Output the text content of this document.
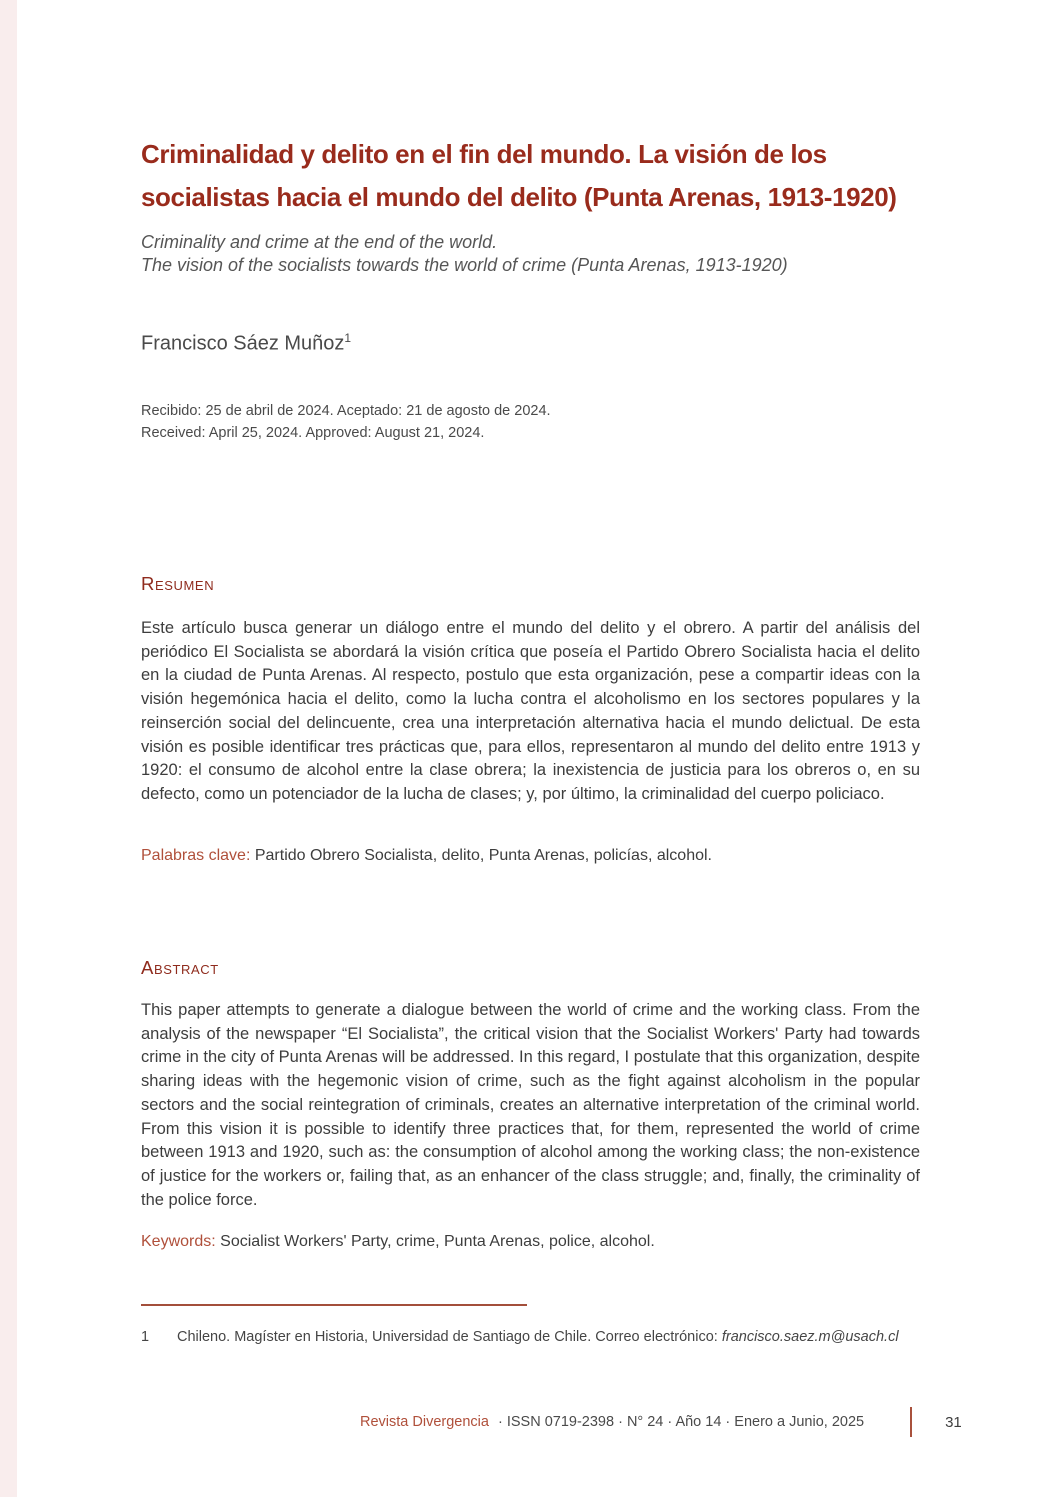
Criminalidad y delito en el fin del mundo. La visión de los
socialistas hacia el mundo del delito (Punta Arenas, 1913-1920)
Criminality and crime at the end of the world.
The vision of the socialists towards the world of crime (Punta Arenas, 1913-1920)
Francisco Sáez Muñoz$^1$
Recibido: 25 de abril de 2024. Aceptado: 21 de agosto de 2024.
Received: April 25, 2024. Approved: August 21, 2024.
Resumen

Este artículo busca generar un diálogo entre el mundo del delito y el obrero. A partir del análisis del periódico El Socialista se abordará la visión crítica que poseía el Partido Obrero Socialista hacia el delito en la ciudad de Punta Arenas. Al respecto, postulo que esta organización, pese a compartir ideas con la visión hegemónica hacia el delito, como la lucha contra el alcoholismo en los sectores populares y la reinserción social del delincuente, crea una interpretación alternativa hacia el mundo delictual. De esta visión es posible identificar tres prácticas que, para ellos, representaron al mundo del delito entre 1913 y 1920: el consumo de alcohol entre la clase obrera; la inexistencia de justicia para los obreros o, en su defecto, como un potenciador de la lucha de clases; y, por último, la criminalidad del cuerpo policiaco.

Palabras clave: Partido Obrero Socialista, delito, Punta Arenas, policías, alcohol.

Abstract

This paper attempts to generate a dialogue between the world of crime and the working class. From the analysis of the newspaper “El Socialista”, the critical vision that the Socialist Workers' Party had towards crime in the city of Punta Arenas will be addressed. In this regard, I postulate that this organization, despite sharing ideas with the hegemonic vision of crime, such as the fight against alcoholism in the popular sectors and the social reintegration of criminals, creates an alternative interpretation of the criminal world. From this vision it is possible to identify three practices that, for them, represented the world of crime between 1913 and 1920, such as: the consumption of alcohol among the working class; the non-existence of justice for the workers or, failing that, as an enhancer of the class struggle; and, finally, the criminality of the police force.

Keywords: Socialist Workers' Party, crime, Punta Arenas, police, alcohol.

1	Chileno. Magíster en Historia, Universidad de Santiago de Chile. Correo electrónico: francisco.saez.m@usach.cl
Revista Divergencia · ISSN 0719-2398 · N° 24 · Año 14 · Enero a Junio, 2025	31
